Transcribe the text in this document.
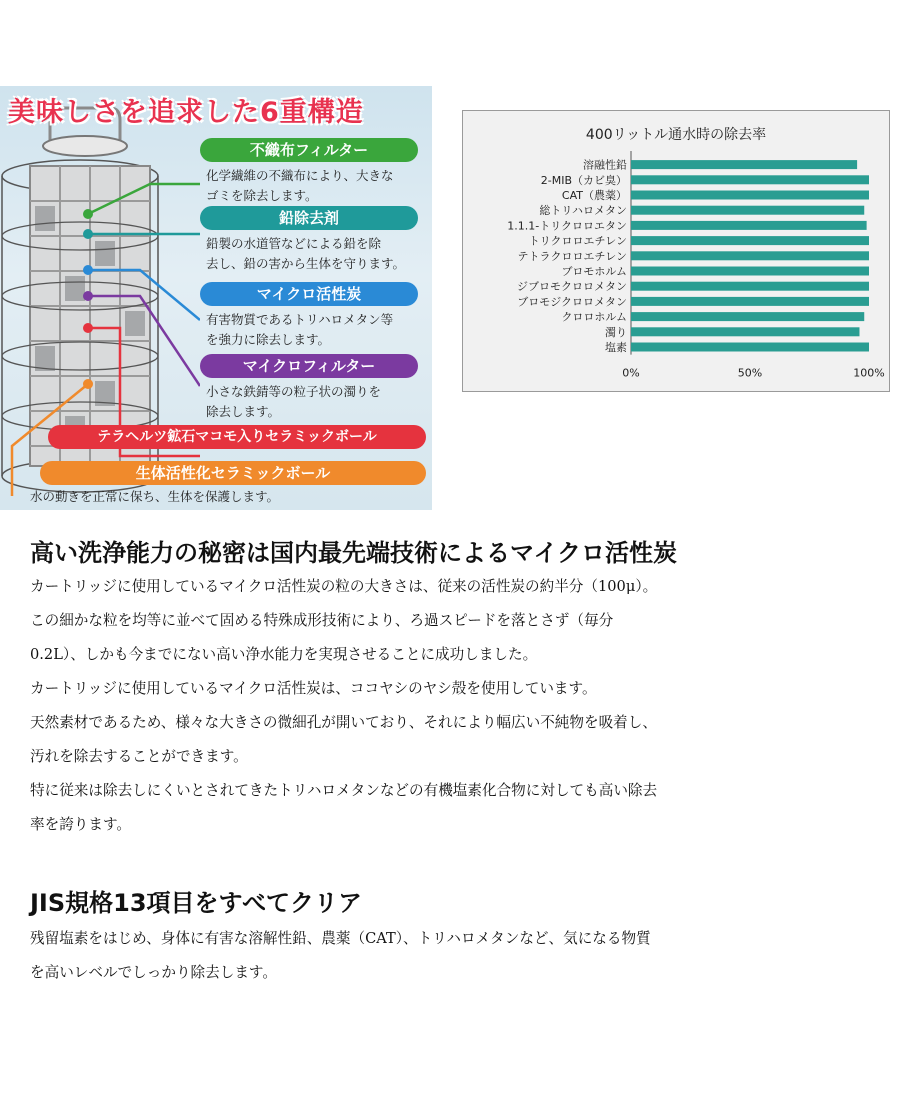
美味しさを追求した6重構造
不織布フィルター
化学繊維の不織布により、大きな
ゴミを除去します。
鉛除去剤
鉛製の水道管などによる鉛を除
去し、鉛の害から生体を守ります。
マイクロ活性炭
有害物質であるトリハロメタン等
を強力に除去します。
マイクロフィルター
小さな鉄錆等の粒子状の濁りを
除去します。
テラヘルツ鉱石マコモ入りセラミックボール
生体活性化セラミックボール
水の動きを正常に保ち、生体を保護します。
400リットル通水時の除去率
溶融性鉛
2-MIB（カビ臭）
CAT（農薬）
総トリハロメタン
1.1.1-トリクロロエタン
トリクロロエチレン
テトラクロロエチレン
ブロモホルム
ジブロモクロロメタン
ブロモジクロロメタン
クロロホルム
濁り
塩素
0%	50%	100%
高い洗浄能力の秘密は国内最先端技術によるマイクロ活性炭

カートリッジに使用しているマイクロ活性炭の粒の大きさは、従来の活性炭の約半分（100μ）。

この細かな粒を均等に並べて固める特殊成形技術により、ろ過スピードを落とさず（毎分

0.2L）、しかも今までにない高い浄水能力を実現させることに成功しました。

カートリッジに使用しているマイクロ活性炭は、ココヤシのヤシ殻を使用しています。

天然素材であるため、様々な大きさの微細孔が開いており、それにより幅広い不純物を吸着し、

汚れを除去することができます。

特に従来は除去しにくいとされてきたトリハロメタンなどの有機塩素化合物に対しても高い除去

率を誇ります。

JIS規格13項目をすべてクリア

残留塩素をはじめ、身体に有害な溶解性鉛、農薬（CAT）、トリハロメタンなど、気になる物質

を高いレベルでしっかり除去します。
